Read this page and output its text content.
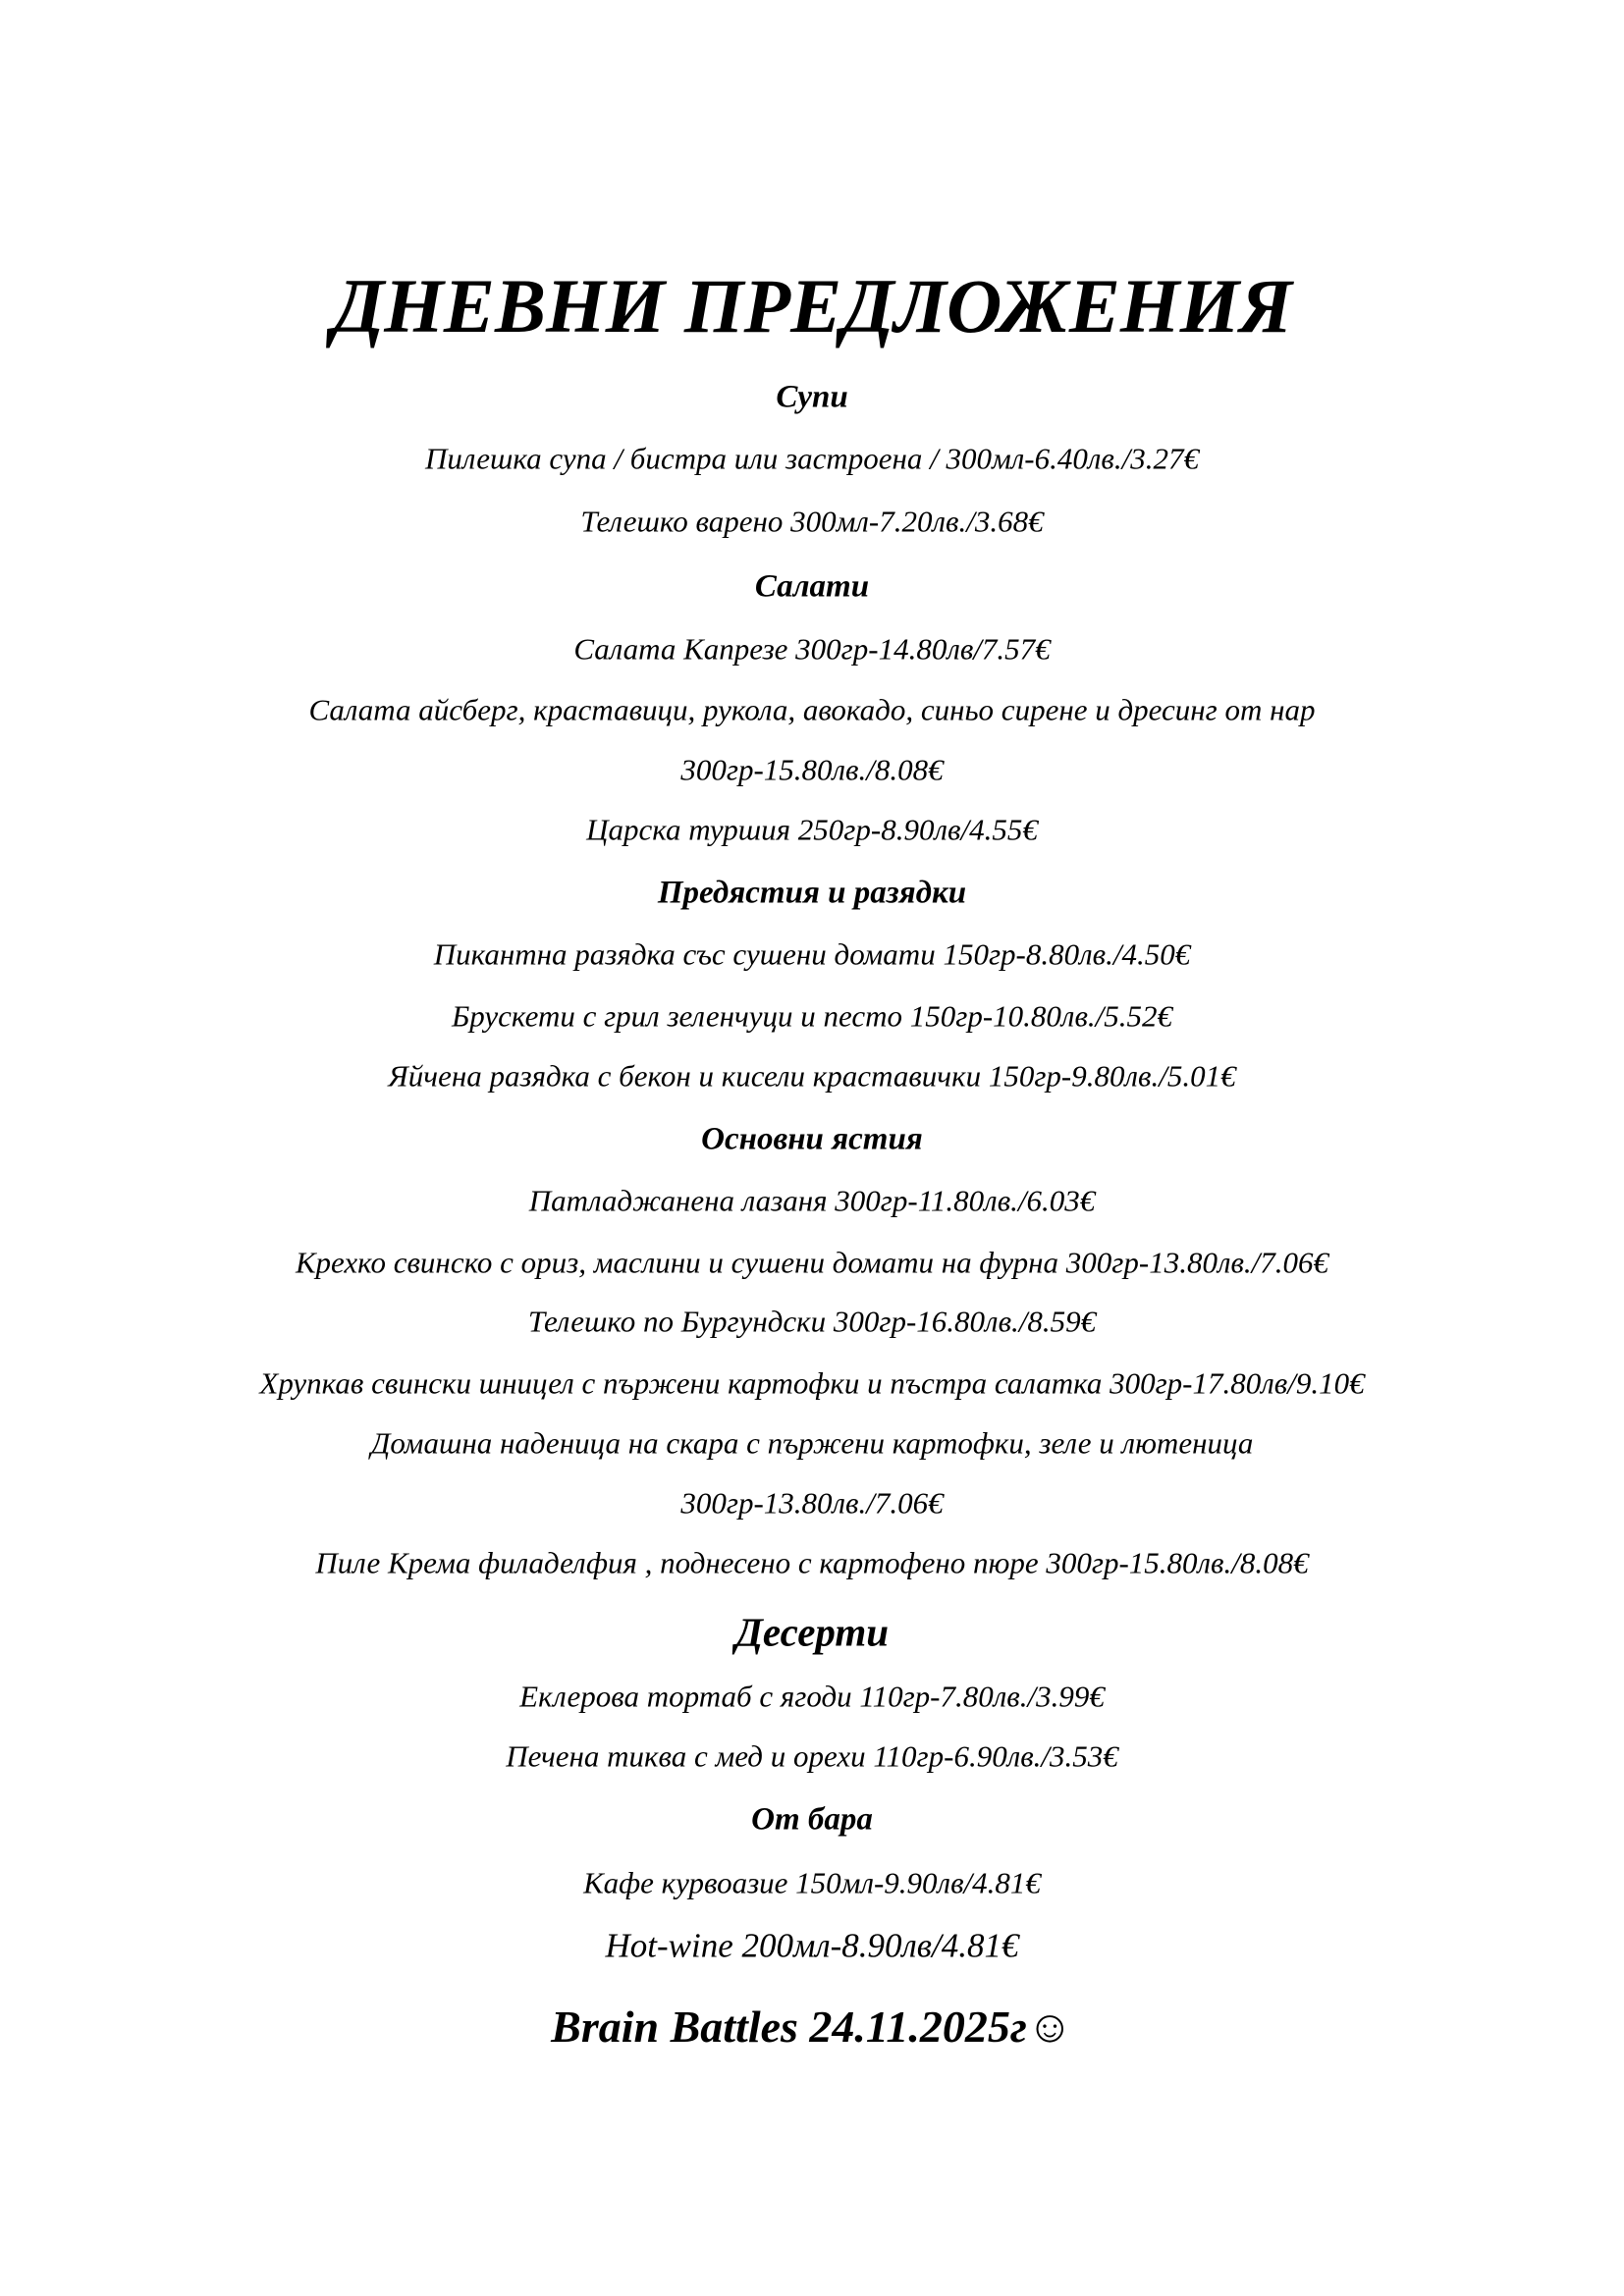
ДНЕВНИ ПРЕДЛОЖЕНИЯ
Супи
Пилешка супа / бистра или застроена / 300мл-6.40лв./3.27€
Телешко варено 300мл-7.20лв./3.68€
Салати
Салата Капрезе 300гр-14.80лв/7.57€
Салата айсберг, краставици, рукола, авокадо, синьо сирене и дресинг от нар
300гр-15.80лв./8.08€
Царска туршия 250гр-8.90лв/4.55€
Предястия и разядки
Пикантна разядка със сушени домати 150гр-8.80лв./4.50€
Брускети с грил зеленчуци и песто 150гр-10.80лв./5.52€
Яйчена разядка с бекон и кисели краставички 150гр-9.80лв./5.01€
Основни ястия
Патладжанена лазаня 300гр-11.80лв./6.03€
Крехко свинско с ориз, маслини и сушени домати на фурна 300гр-13.80лв./7.06€
Телешко по Бургундски 300гр-16.80лв./8.59€
Хрупкав свински шницел с пържени картофки и пъстра салатка 300гр-17.80лв/9.10€
Домашна наденица на скара с пържени картофки, зеле и лютеница
300гр-13.80лв./7.06€
Пиле Крема филаделфия , поднесено с картофено пюре 300гр-15.80лв./8.08€
Десерти
Еклерова тортаб с ягоди 110гр-7.80лв./3.99€
Печена тиква с мед и орехи 110гр-6.90лв./3.53€
От бара
Кафе курвоазие 150мл-9.90лв/4.81€
Hot-wine 200мл-8.90лв/4.81€
Brain Battles 24.11.2025г☺
